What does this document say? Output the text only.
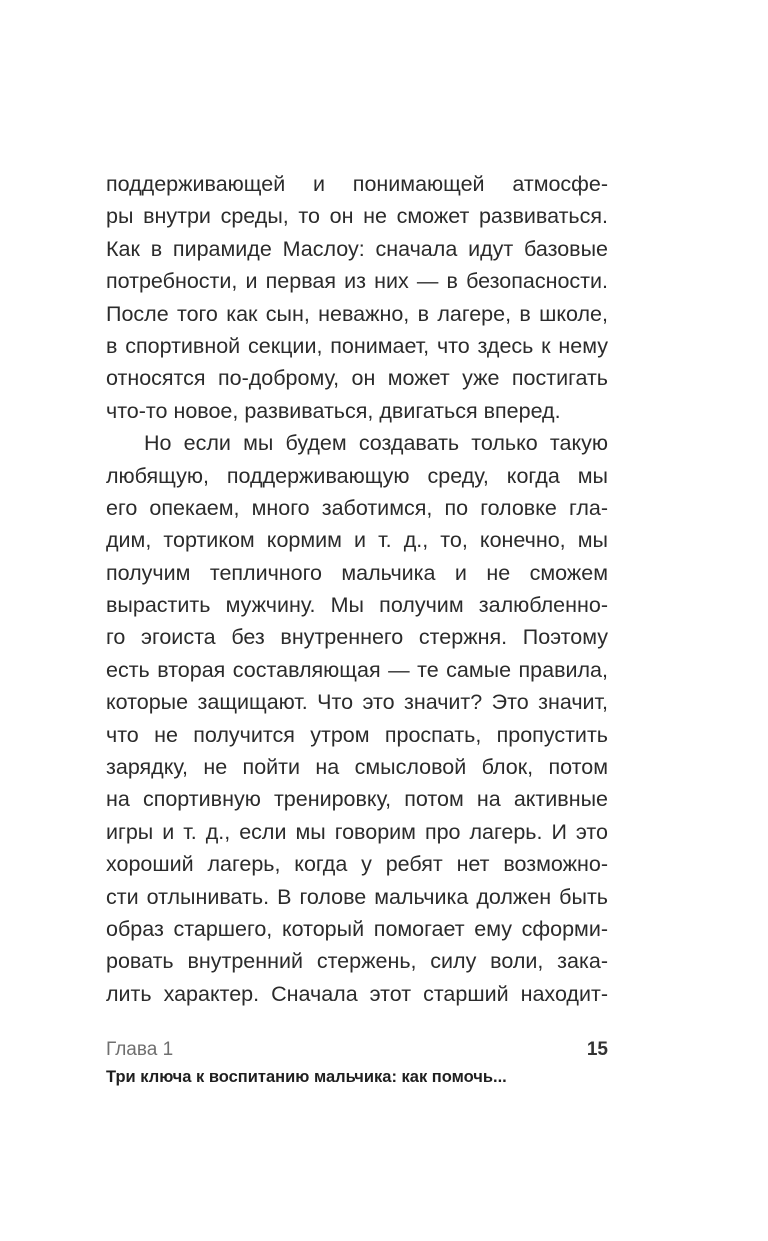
поддерживающей и понимающей атмосфе-
ры внутри среды, то он не сможет развиваться.
Как в пирамиде Маслоу: сначала идут базовые
потребности, и первая из них — в безопасности.
После того как сын, неважно, в лагере, в школе,
в спортивной секции, понимает, что здесь к нему
относятся по-доброму, он может уже постигать
что-то новое, развиваться, двигаться вперед.
Но если мы будем создавать только такую
любящую, поддерживающую среду, когда мы
его опекаем, много заботимся, по головке гла-
дим, тортиком кормим и т. д., то, конечно, мы
получим тепличного мальчика и не сможем
вырастить мужчину. Мы получим залюбленно-
го эгоиста без внутреннего стержня. Поэтому
есть вторая составляющая — те самые правила,
которые защищают. Что это значит? Это значит,
что не получится утром проспать, пропустить
зарядку, не пойти на смысловой блок, потом
на спортивную тренировку, потом на активные
игры и т. д., если мы говорим про лагерь. И это
хороший лагерь, когда у ребят нет возможно-
сти отлынивать. В голове мальчика должен быть
образ старшего, который помогает ему сформи-
ровать внутренний стержень, силу воли, зака-
лить характер. Сначала этот старший находит-
Глава 1	15
Три ключа к воспитанию мальчика: как помочь...
